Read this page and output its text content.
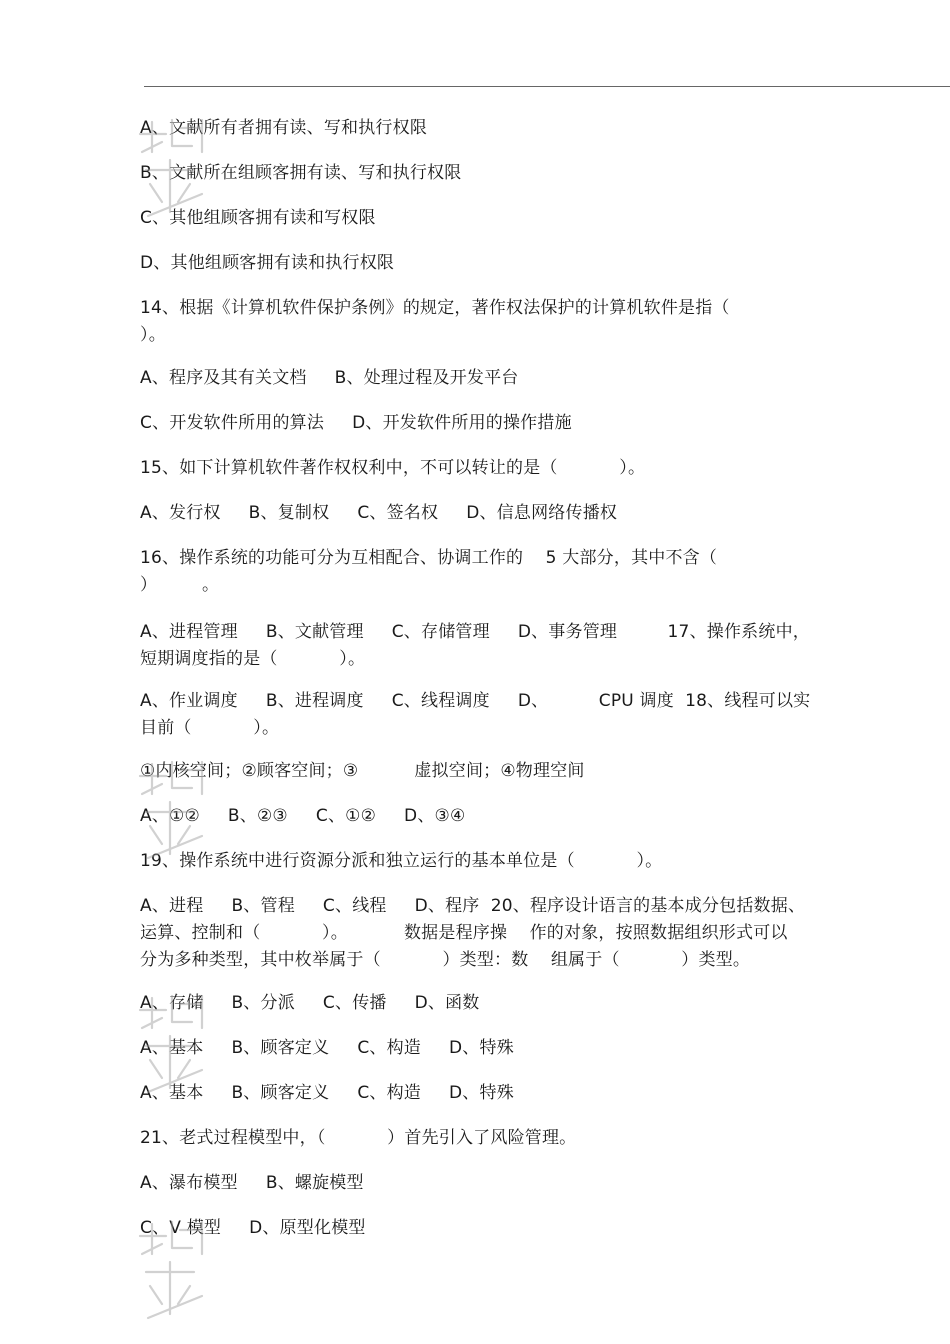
A、文献所有者拥有读、写和执行权限
B、文献所在组顾客拥有读、写和执行权限
C、其他组顾客拥有读和写权限
D、其他组顾客拥有读和执行权限
14、根据《计算机软件保护条例》的规定，著作权法保护的计算机软件是指（
）。
A、程序及其有关文档     B、处理过程及开发平台
C、开发软件所用的算法     D、开发软件所用的操作措施
15、如下计算机软件著作权权利中，不可以转让的是（           ）。
A、发行权     B、复制权     C、签名权     D、信息网络传播权
16、操作系统的功能可分为互相配合、协调工作的    5 大部分，其中不含（
）        。
A、进程管理     B、文献管理     C、存储管理     D、事务管理         17、操作系统中，
短期调度指的是（           ）。
A、作业调度     B、进程调度     C、线程调度     D、         CPU 调度  18、线程可以实
目前（           ）。
①内核空间；②顾客空间；③          虚拟空间；④物理空间
A、①②     B、②③     C、①②     D、③④
19、操作系统中进行资源分派和独立运行的基本单位是（           ）。
A、进程     B、管程     C、线程     D、程序  20、程序设计语言的基本成分包括数据、
运算、控制和（           ）。          数据是程序操    作的对象，按照数据组织形式可以
分为多种类型，其中枚举属于（           ）类型：数    组属于（           ）类型。
A、存储     B、分派     C、传播     D、函数
A、基本     B、顾客定义     C、构造     D、特殊
A、基本     B、顾客定义     C、构造     D、特殊
21、老式过程模型中，（           ）首先引入了风险管理。
A、瀑布模型     B、螺旋模型
C、V 模型     D、原型化模型
